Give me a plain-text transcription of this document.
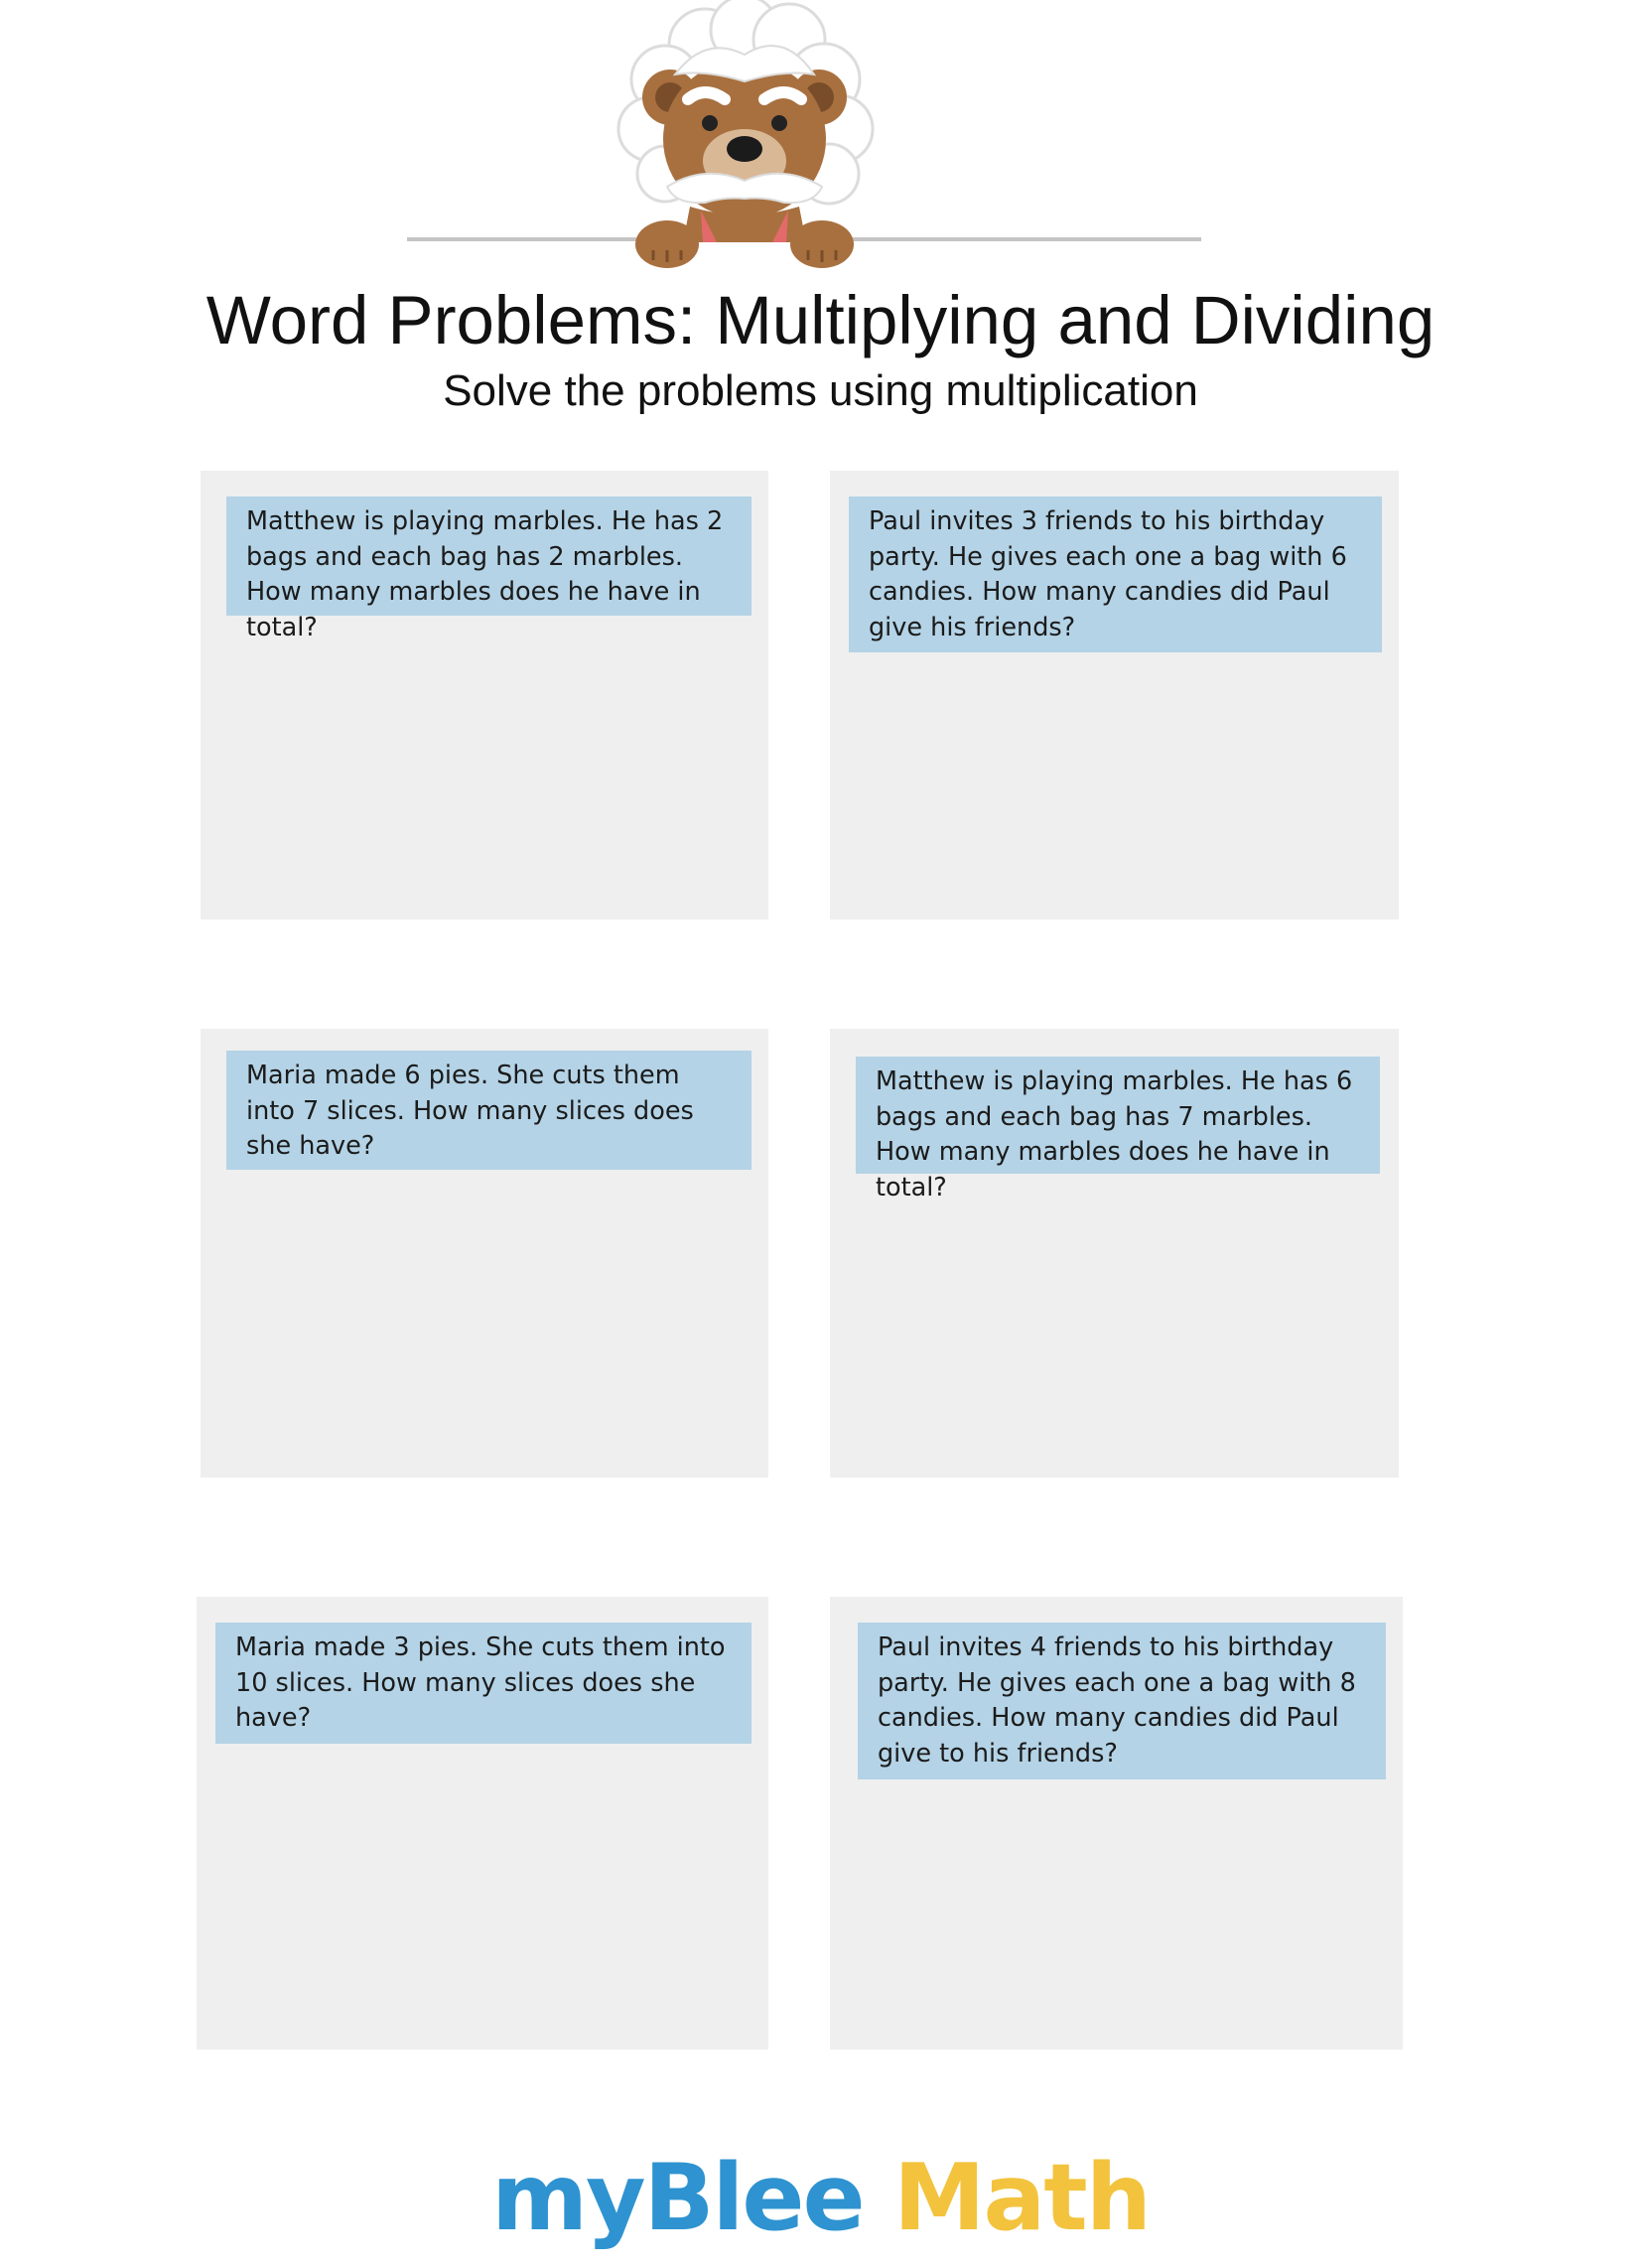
Word Problems: Multiplying and Dividing
Solve the problems using multiplication
Matthew is playing marbles. He has 2 bags and each bag has 2 marbles. How many marbles does he have in total?
Paul invites 3 friends to his birthday party. He gives each one a bag with 6 candies. How many candies did Paul give his friends?
Maria made 6 pies. She cuts them into 7 slices. How many slices does she have?
Matthew is playing marbles. He has 6 bags and each bag has 7 marbles. How many marbles does he have in total?
Maria made 3 pies. She cuts them into 10 slices. How many slices does she have?
Paul invites 4 friends to his birthday party. He gives each one a bag with 8 candies. How many candies did Paul give to his friends?
myBlee Math
